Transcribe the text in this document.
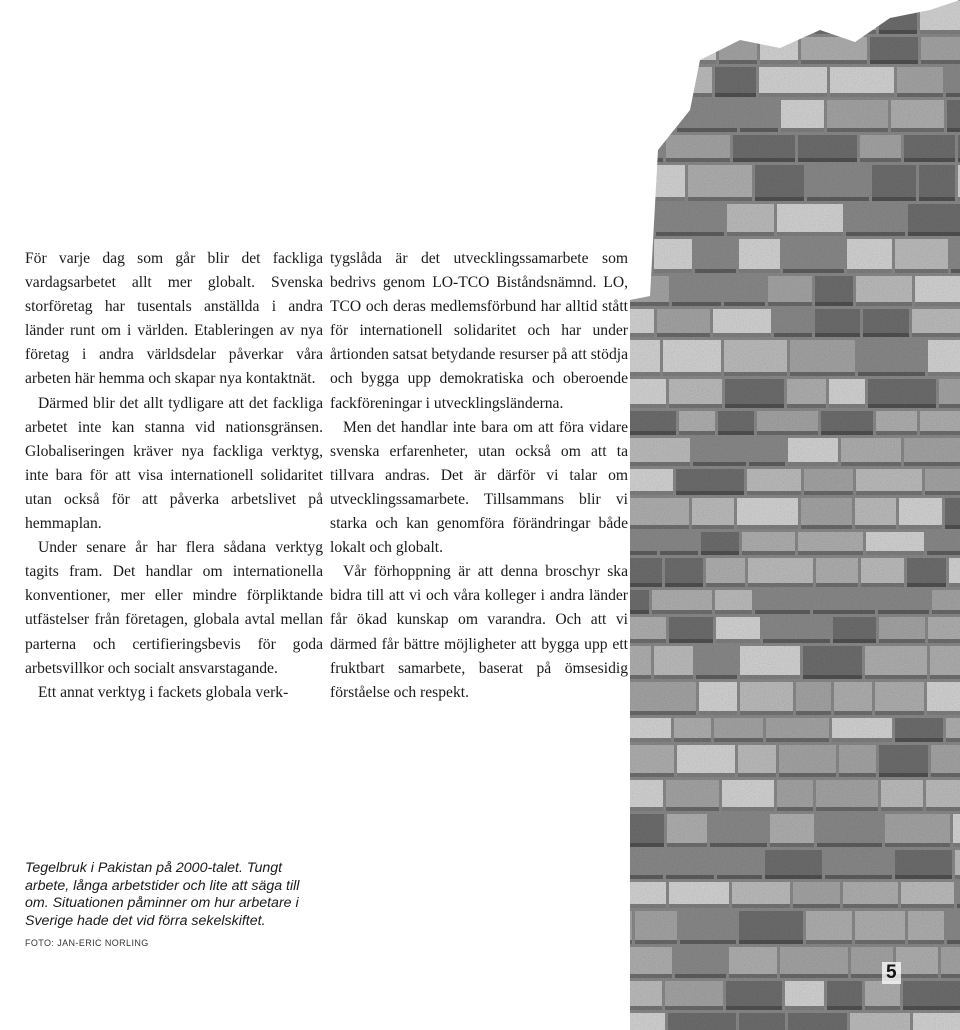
För varje dag som går blir det fackliga vardagsarbetet allt mer globalt. Svenska storföretag har tusentals anställda i andra länder runt om i världen. Etableringen av nya företag i andra världsdelar påverkar våra arbeten här hemma och skapar nya kontaktnät.

Därmed blir det allt tydligare att det fackliga arbetet inte kan stanna vid nationsgränsen. Globaliseringen kräver nya fackliga verktyg, inte bara för att visa internationell solidaritet utan också för att påverka arbetslivet på hemmaplan.

Under senare år har flera sådana verktyg tagits fram. Det handlar om internationella konventioner, mer eller mindre förpliktande utfästelser från företagen, globala avtal mellan parterna och certifieringsbevis för goda arbetsvillkor och socialt ansvarstagande.

Ett annat verktyg i fackets globala verk-

tygslåda är det utvecklingssamarbete som bedrivs genom LO-TCO Biståndsnämnd. LO, TCO och deras medlemsförbund har alltid stått för internationell solidaritet och har under årtionden satsat betydande resurser på att stödja och bygga upp demokratiska och oberoende fackföreningar i utvecklingsländerna.

Men det handlar inte bara om att föra vidare svenska erfarenheter, utan också om att ta tillvara andras. Det är därför vi talar om utvecklingssamarbete. Tillsammans blir vi starka och kan genomföra förändringar både lokalt och globalt.

Vår förhoppning är att denna broschyr ska bidra till att vi och våra kolleger i andra länder får ökad kunskap om varandra. Och att vi därmed får bättre möjligheter att bygga upp ett fruktbart samarbete, baserat på ömsesidig förståelse och respekt.

Tegelbruk i Pakistan på 2000-talet. Tungt arbete, långa arbetstider och lite att säga till om. Situationen påminner om hur arbetare i Sverige hade det vid förra sekelskiftet.
FOTO: JAN-ERIC NORLING
5
